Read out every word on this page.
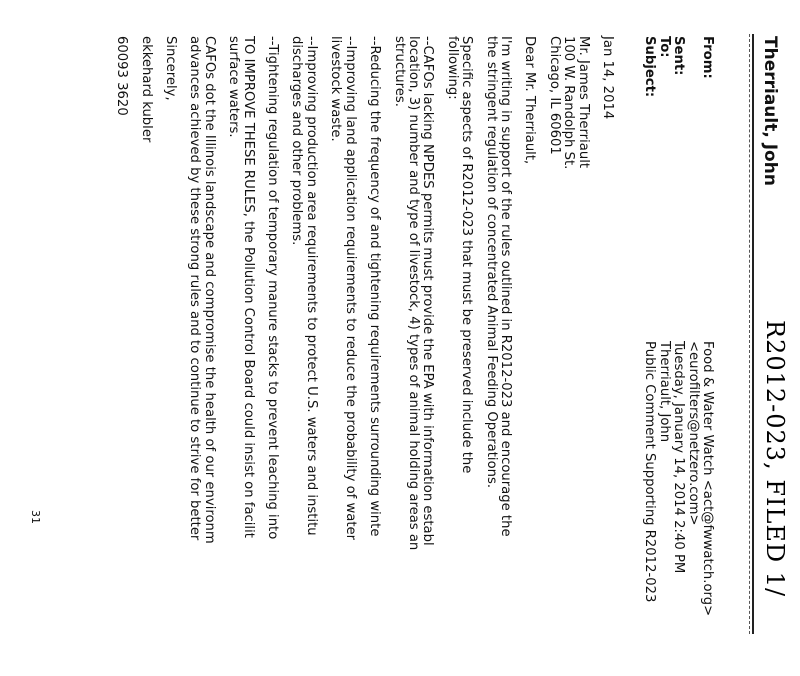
R2012-023, FILED 1/
Therriault, John
From:
Food & Water Watch <act@fwwatch.org>
<eurofilters@netzero.com>
Sent:
Tuesday, January 14, 2014 2:40 PM
To:
Therriault, John
Subject:
Public Comment Supporting R2012-023

Jan 14, 2014

Mr. James Therriault
100 W. Randolph St.
Chicago, IL 60601

Dear Mr. Therriault,

I'm writing in support of the rules outlined in R2012-023 and encourage the
the stringent regulation of concentrated Animal Feeding Operations.

Specific aspects of R2012-023 that must be preserved include the
following:

--CAFOs lacking NPDES permits must provide the EPA with information establ
location, 3) number and type of livestock, 4) types of animal holding areas an
structures.

--Reducing the frequency of and tightening requirements surrounding winte

--Improving land application requirements to reduce the probability of water
livestock waste.

--Improving production area requirements to protect U.S. waters and institu
discharges and other problems.

--Tightening regulation of temporary manure stacks to prevent leaching into

TO IMPROVE THESE RULES, the Pollution Control Board could insist on facilit
surface waters.

CAFOs dot the Illinois landscape and compromise the health of our environm
advances achieved by these strong rules and to continue to strive for better

Sincerely,

ekkehard kubler

60093 3620

31
